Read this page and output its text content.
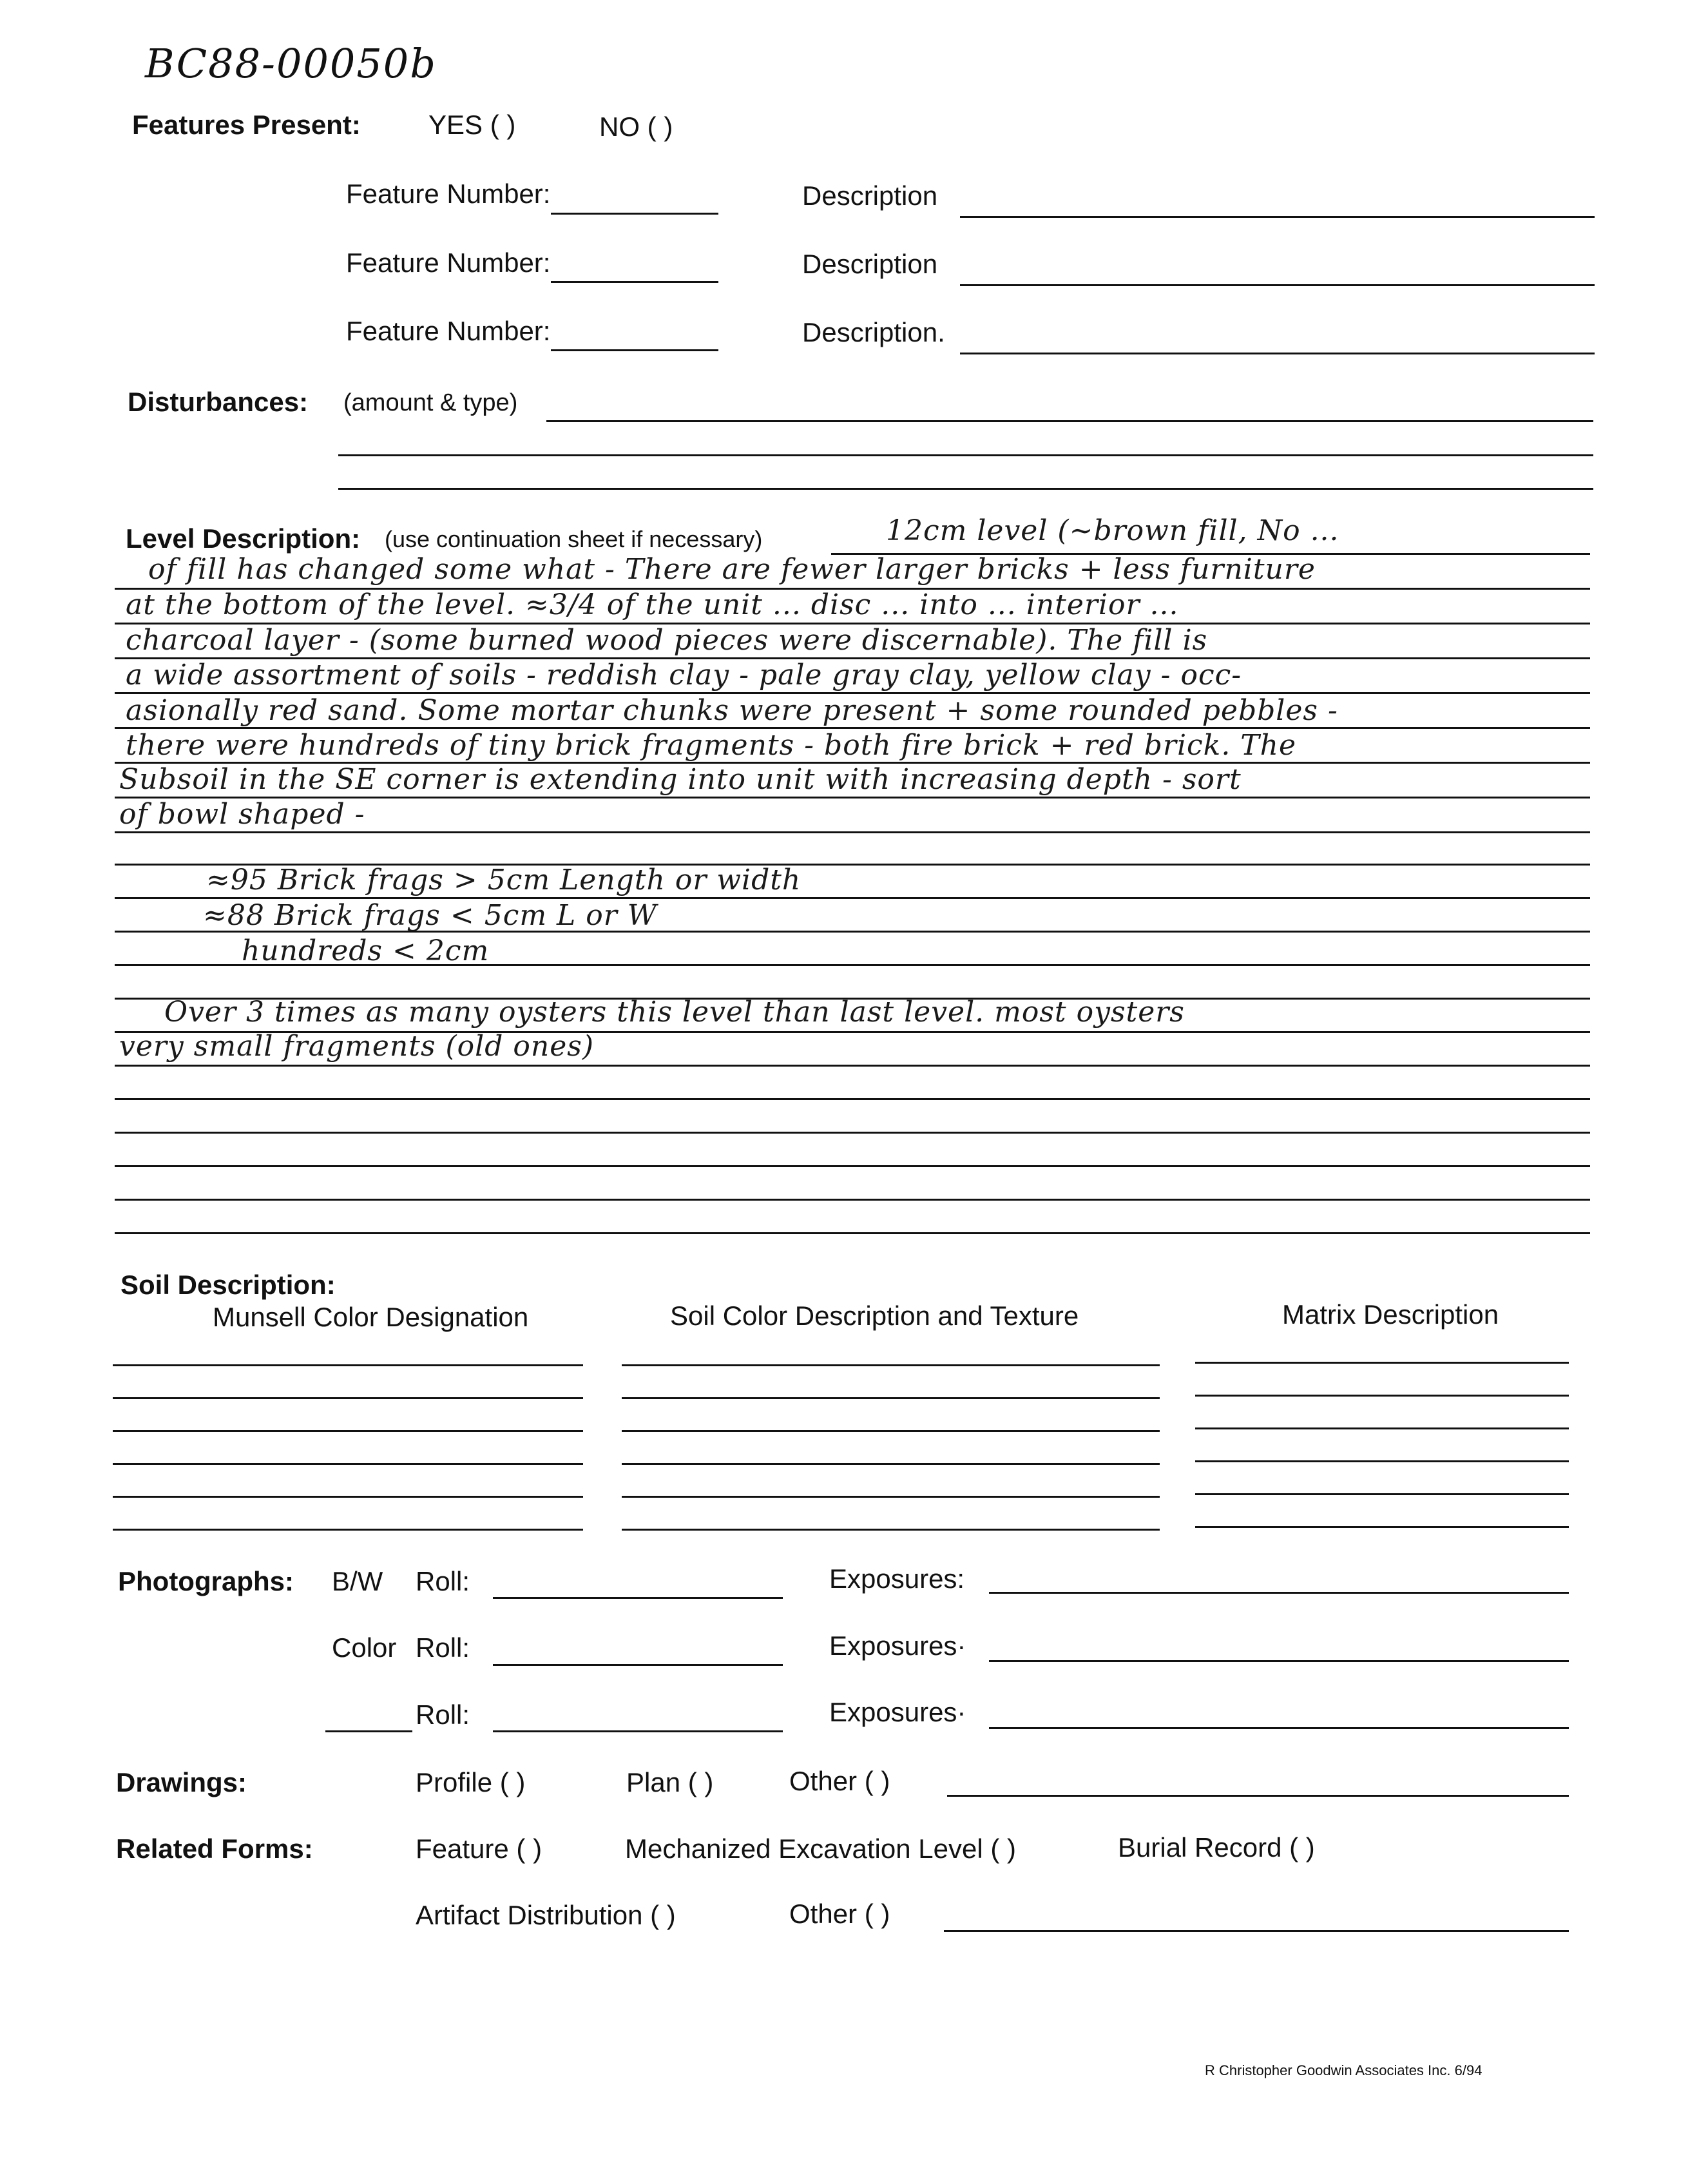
BC88-00050b
Features Present:	YES ( )	NO ( )
Feature Number:	Description
Feature Number:	Description
Feature Number:	Description.
Disturbances: (amount & type)
Level Description: (use continuation sheet if necessary)	12cm level (~brown fill, No ...
of fill has changed some what - There are fewer larger bricks + less furniture
at the bottom of the level. ≈3/4 of the unit ... disc ... into ... interior ...
charcoal layer - (some burned wood pieces were discernable). The fill is
a wide assortment of soils - reddish clay - pale gray clay, yellow clay - occ-
asionally red sand. Some mortar chunks were present + some rounded pebbles -
there were hundreds of tiny brick fragments - both fire brick + red brick. The
Subsoil in the SE corner is extending into unit with increasing depth - sort
of bowl shaped -
≈95 Brick frags > 5cm Length or width
≈88 Brick frags < 5cm L or W
hundreds < 2cm
Over 3 times as many oysters this level than last level. most oysters
very small fragments (old ones)
Soil Description:
Munsell Color Designation	Soil Color Description and Texture	Matrix Description
Photographs: B/W Roll:	Exposures:
Color Roll:	Exposures·
Roll:	Exposures·
Drawings:	Profile ( )	Plan ( )	Other ( )
Related Forms:	Feature ( )	Mechanized Excavation Level ( )	Burial Record ( )
Artifact Distribution ( )	Other ( )
R Christopher Goodwin Associates Inc. 6/94
